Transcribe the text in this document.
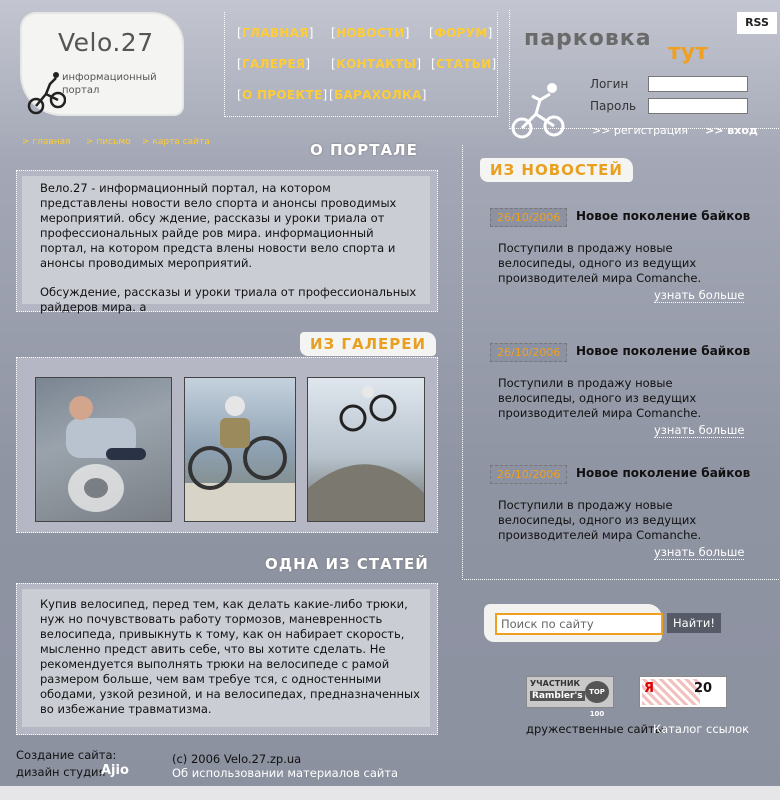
Velo.27
информационный портал
[ГЛАВНАЯ] [НОВОСТИ] [ФОРУМ]
[ГАЛЕРЕЯ] [КОНТАКТЫ] [СТАТЬИ]
[О ПРОЕКТЕ] [БАРАХОЛКА]
парковка
тут
Логин
Пароль
>> регистрация >> вход
RSS
> главная > письмо > карта сайта	О ПОРТАЛЕ
Вело.27 - информационный портал, на котором представлены новости вело спорта и анонсы проводимых мероприятий. обсу ждение, рассказы и уроки триала от профессиональных райде ров мира. информационный портал, на котором предста влены новости вело спорта и анонсы проводимых мероприятий.
Обсуждение, рассказы и уроки триала от профессиональных райдеров мира. а
ИЗ ГАЛЕРЕИ
ОДНА ИЗ СТАТЕЙ
Купив велосипед, перед тем, как делать какие-либо трюки, нуж но почувствовать работу тормозов, маневренность велосипеда, привыкнуть к тому, как он набирает скорость, мысленно предст авить себе, что вы хотите сделать. Не рекомендуется выполнять трюки на велосипеде с рамой размером больше, чем вам требуе тся, с одностенными ободами, узкой резиной, и на велосипедах, предназначенных во избежание травматизма.
ИЗ НОВОСТЕЙ
26/10/2006	Новое поколение байков
Поступили в продажу новые велосипеды, одного из ведущих производителей мира Comanche.
узнать больше
26/10/2006	Новое поколение байков
Поступили в продажу новые велосипеды, одного из ведущих производителей мира Comanche.
узнать больше
26/10/2006	Новое поколение байков
Поступили в продажу новые велосипеды, одного из ведущих производителей мира Comanche.
узнать больше
Поиск по сайту	Найти!
УЧАСТНИК
Rambler's TOP 100
Я	20
дружественные сайты:
Каталог ссылок
Создание сайта:
дизайн студия
Ajio
(c) 2006 Velo.27.zp.ua
Об использовании материалов сайта
